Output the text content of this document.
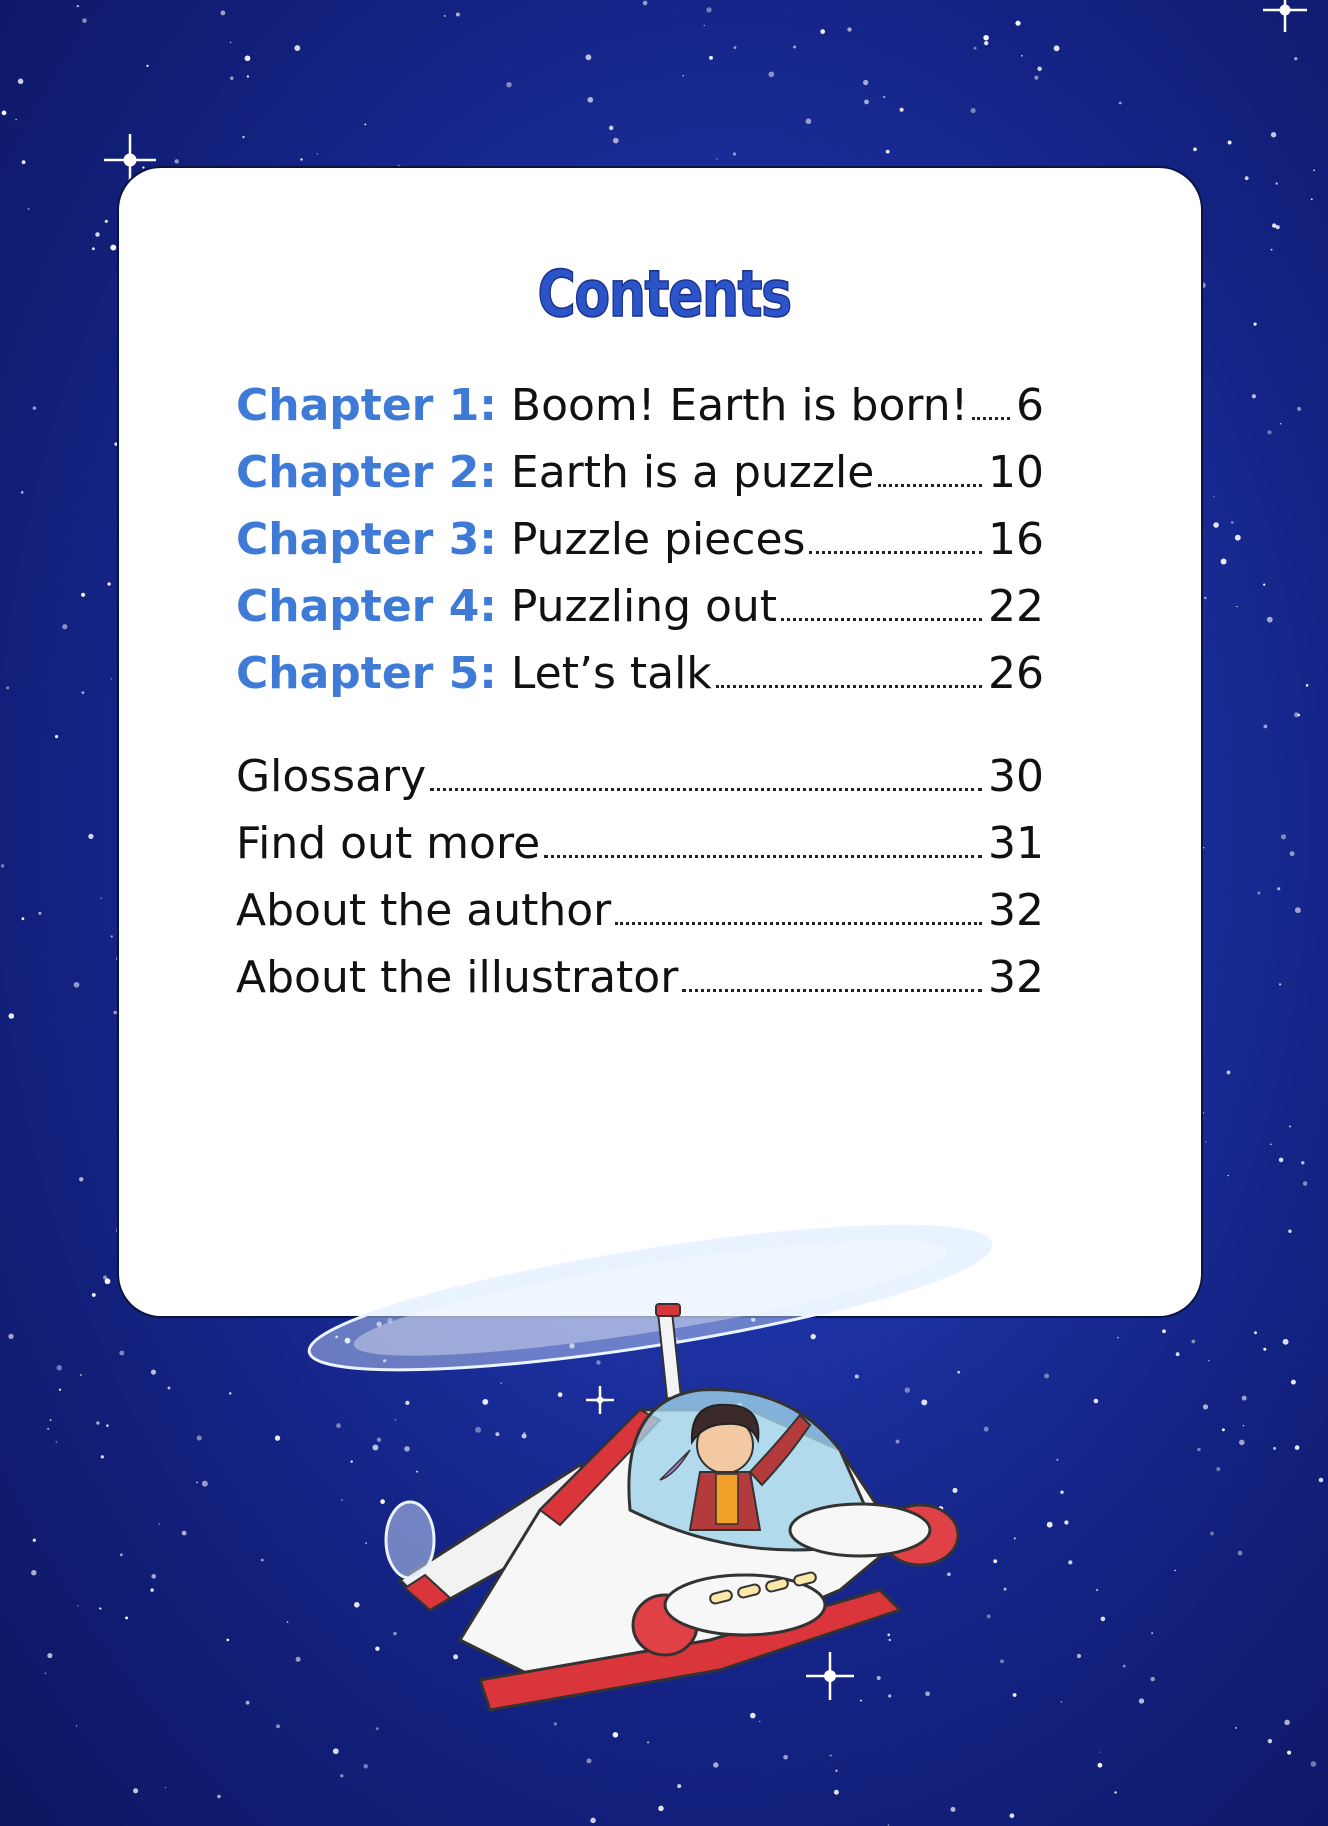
Contents
Chapter 1: Boom! Earth is born! 6
Chapter 2: Earth is a puzzle	10
Chapter 3: Puzzle pieces	16
Chapter 4: Puzzling out	22
Chapter 5: Let’s talk	26
Glossary	30
Find out more	31
About the author	32
About the illustrator	32
